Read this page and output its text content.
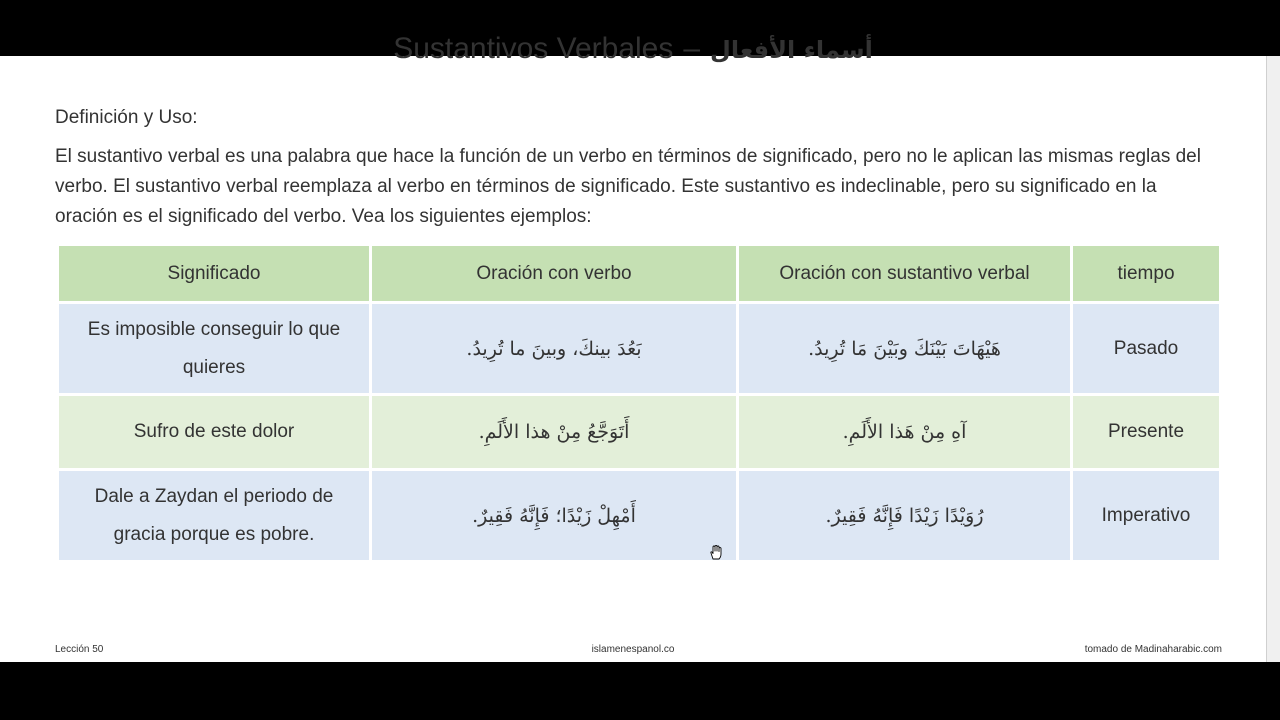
Sustantivos Verbales – أسماء الأفعال
Definición y Uso:
El sustantivo verbal es una palabra que hace la función de un verbo en términos de significado, pero no le aplican las mismas reglas del verbo. El sustantivo verbal reemplaza al verbo en términos de significado. Este sustantivo es indeclinable, pero su significado en la oración es el significado del verbo. Vea los siguientes ejemplos:
Significado	Oración con verbo	Oración con sustantivo verbal	tiempo
Es imposible conseguir lo que quieres	بَعُدَ بينكَ، وبينَ ما تُرِيدُ.	هَيْهَاتَ بَيْنَكَ وبَيْنَ مَا تُرِيدُ.	Pasado
Sufro de este dolor	أَتَوَجَّعُ مِنْ هذا الأَلَمِ.	آهِ مِنْ هَذا الأَلَمِ.	Presente
Dale a Zaydan el periodo de gracia porque es pobre.	أَمْهِلْ زَيْدًا؛ فَإِنَّهُ فَقِيرٌ.	رُوَيْدًا زَيْدًا فَإِنَّهُ فَقِيرٌ.	Imperativo
Lección 50	islamenespanol.co	tomado de Madinaharabic.com
